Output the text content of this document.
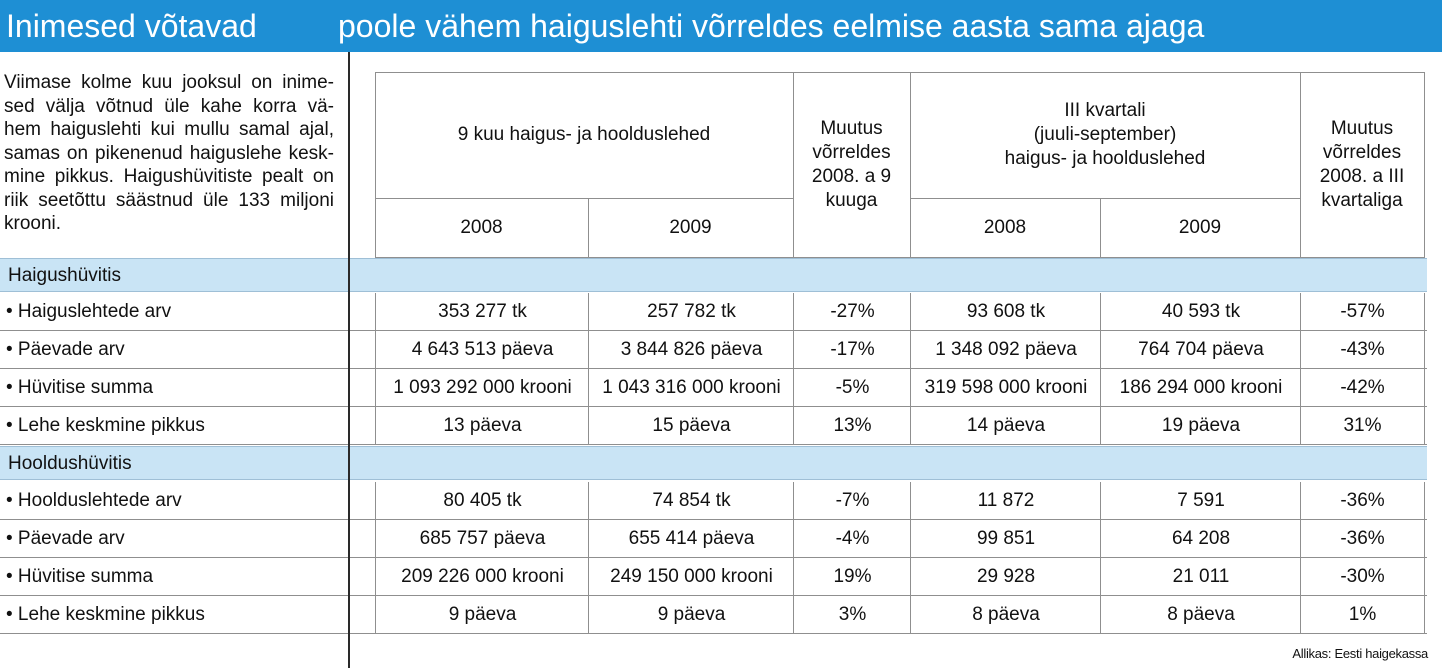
Inimesed võtavad	poole vähem haiguslehti võrreldes eelmise aasta sama ajaga
Viimase kolme kuu jooksul on inime-
sed välja võtnud üle kahe korra vä-
hem haiguslehti kui mullu samal ajal,
samas on pikenenud haiguslehe kesk-
mine pikkus. Haigushüvitiste pealt on
riik seetõttu säästnud üle 133 miljoni
krooni.
9 kuu haigus- ja hoolduslehed
2008	2009
Muutus võrreldes 2008. a 9 kuuga
III kvartali
(juuli-september)
haigus- ja hoolduslehed
2008	2009
Muutus võrreldes 2008. a III kvartaliga
Haigushüvitis
• Haiguslehtede arv	353 277 tk	257 782 tk	-27%	93 608 tk	40 593 tk	-57%
• Päevade arv	4 643 513 päeva	3 844 826 päeva	-17%	1 348 092 päeva	764 704 päeva	-43%
• Hüvitise summa	1 093 292 000 krooni	1 043 316 000 krooni	-5%	319 598 000 krooni	186 294 000 krooni	-42%
• Lehe keskmine pikkus	13 päeva	15 päeva	13%	14 päeva	19 päeva	31%
Hooldushüvitis
• Hoolduslehtede arv	80 405 tk	74 854 tk	-7%	11 872	7 591	-36%
• Päevade arv	685 757 päeva	655 414 päeva	-4%	99 851	64 208	-36%
• Hüvitise summa	209 226 000 krooni	249 150 000 krooni	19%	29 928	21 011	-30%
• Lehe keskmine pikkus	9 päeva	9 päeva	3%	8 päeva	8 päeva	1%
Allikas: Eesti haigekassa
